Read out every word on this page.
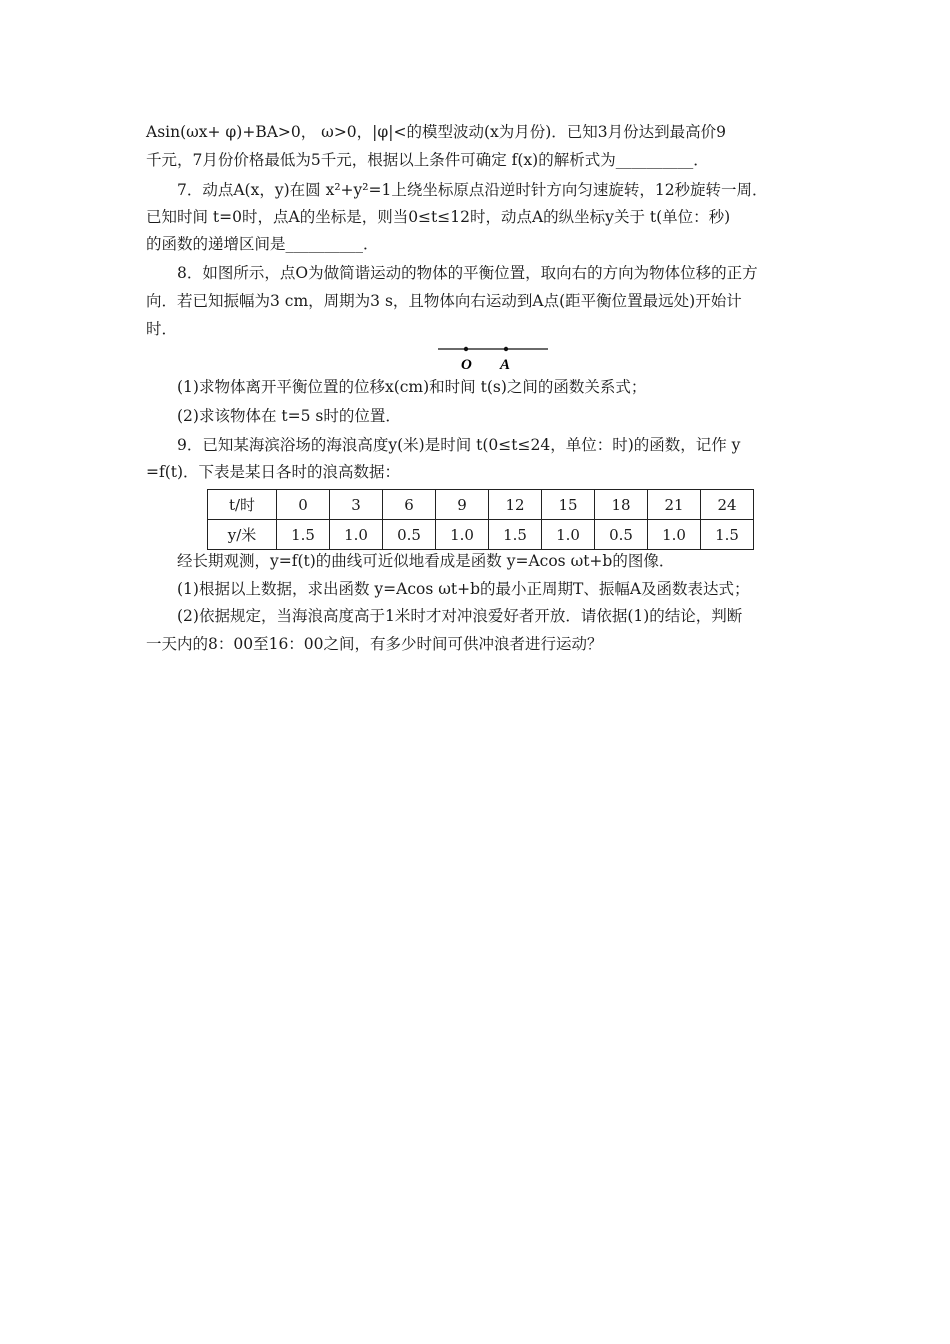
Asin(ωx+ φ)+BA>0， ω>0，|φ|<的模型波动(x为月份)．已知3月份达到最高价9
千元，7月份价格最低为5千元，根据以上条件可确定 f(x)的解析式为__________．
7．动点A(x，y)在圆 x²+y²=1上绕坐标原点沿逆时针方向匀速旋转，12秒旋转一周．
已知时间 t=0时，点A的坐标是，则当0≤t≤12时，动点A的纵坐标y关于 t(单位：秒)
的函数的递增区间是__________．
8．如图所示，点O为做简谐运动的物体的平衡位置，取向右的方向为物体位移的正方
向．若已知振幅为3 cm，周期为3 s，且物体向右运动到A点(距平衡位置最远处)开始计
时．
O A
(1)求物体离开平衡位置的位移x(cm)和时间 t(s)之间的函数关系式；
(2)求该物体在 t=5 s时的位置．
9．已知某海滨浴场的海浪高度y(米)是时间 t(0≤t≤24，单位：时)的函数，记作 y
=f(t)．下表是某日各时的浪高数据：
t/时	0	3	6	9	12	15	18	21	24
y/米	1.5	1.0	0.5	1.0	1.5	1.0	0.5	1.0	1.5
经长期观测，y=f(t)的曲线可近似地看成是函数 y=Acos ωt+b的图像．
(1)根据以上数据，求出函数 y=Acos ωt+b的最小正周期T、振幅A及函数表达式；
(2)依据规定，当海浪高度高于1米时才对冲浪爱好者开放．请依据(1)的结论，判断
一天内的8：00至16：00之间，有多少时间可供冲浪者进行运动？
